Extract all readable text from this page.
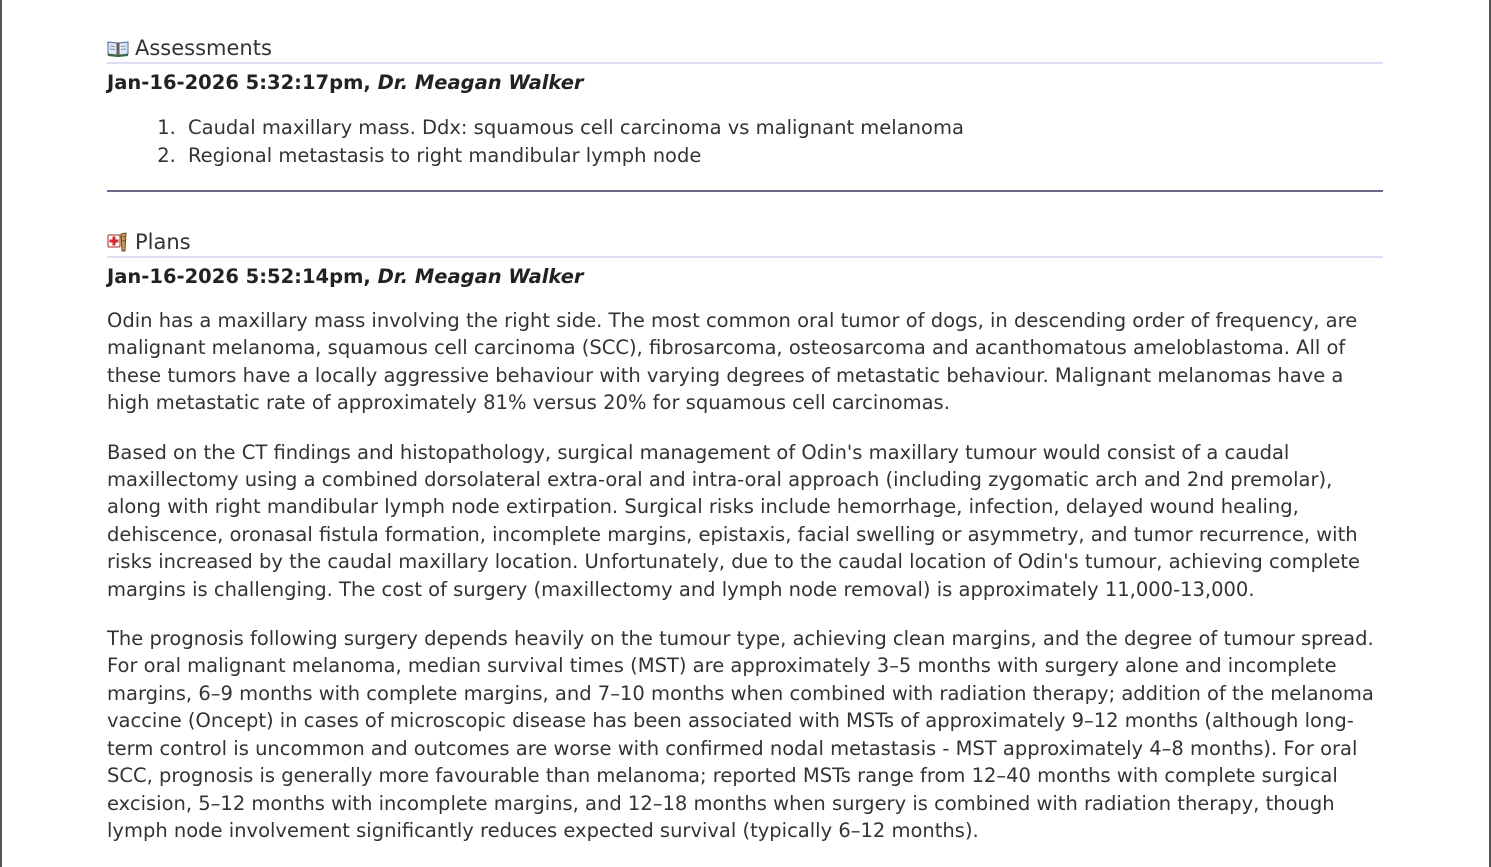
Assessments
Jan-16-2026 5:32:17pm, Dr. Meagan Walker
1. Caudal maxillary mass. Ddx: squamous cell carcinoma vs malignant melanoma
2. Regional metastasis to right mandibular lymph node
Plans
Jan-16-2026 5:52:14pm, Dr. Meagan Walker

Odin has a maxillary mass involving the right side. The most common oral tumor of dogs, in descending order of frequency, are malignant melanoma, squamous cell carcinoma (SCC), fibrosarcoma, osteosarcoma and acanthomatous ameloblastoma. All of these tumors have a locally aggressive behaviour with varying degrees of metastatic behaviour. Malignant melanomas have a high metastatic rate of approximately 81% versus 20% for squamous cell carcinomas.

Based on the CT findings and histopathology, surgical management of Odin's maxillary tumour would consist of a caudal maxillectomy using a combined dorsolateral extra-oral and intra-oral approach (including zygomatic arch and 2nd premolar), along with right mandibular lymph node extirpation. Surgical risks include hemorrhage, infection, delayed wound healing, dehiscence, oronasal fistula formation, incomplete margins, epistaxis, facial swelling or asymmetry, and tumor recurrence, with risks increased by the caudal maxillary location. Unfortunately, due to the caudal location of Odin's tumour, achieving complete margins is challenging. The cost of surgery (maxillectomy and lymph node removal) is approximately 11,000-13,000.

The prognosis following surgery depends heavily on the tumour type, achieving clean margins, and the degree of tumour spread. For oral malignant melanoma, median survival times (MST) are approximately 3–5 months with surgery alone and incomplete margins, 6–9 months with complete margins, and 7–10 months when combined with radiation therapy; addition of the melanoma vaccine (Oncept) in cases of microscopic disease has been associated with MSTs of approximately 9–12 months (although long-term control is uncommon and outcomes are worse with confirmed nodal metastasis - MST approximately 4–8 months). For oral SCC, prognosis is generally more favourable than melanoma; reported MSTs range from 12–40 months with complete surgical excision, 5–12 months with incomplete margins, and 12–18 months when surgery is combined with radiation therapy, though lymph node involvement significantly reduces expected survival (typically 6–12 months).
